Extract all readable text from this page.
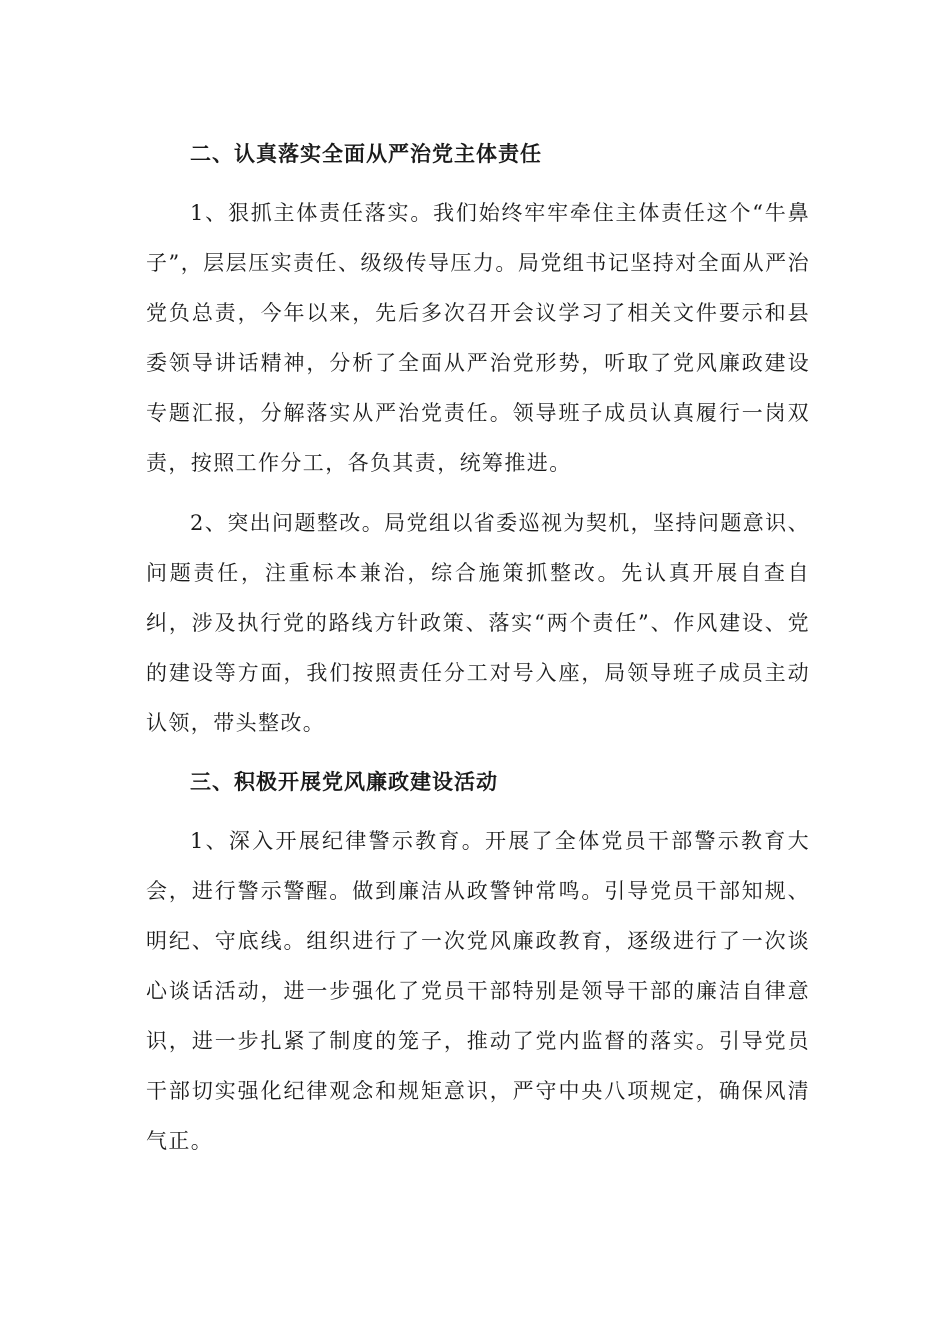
二、认真落实全面从严治党主体责任

1、狠抓主体责任落实。我们始终牢牢牵住主体责任这个“牛鼻子”，层层压实责任、级级传导压力。局党组书记坚持对全面从严治党负总责，今年以来，先后多次召开会议学习了相关文件要示和县委领导讲话精神，分析了全面从严治党形势，听取了党风廉政建设专题汇报，分解落实从严治党责任。领导班子成员认真履行一岗双责，按照工作分工，各负其责，统筹推进。

2、突出问题整改。局党组以省委巡视为契机，坚持问题意识、问题责任，注重标本兼治，综合施策抓整改。先认真开展自查自纠，涉及执行党的路线方针政策、落实“两个责任”、作风建设、党的建设等方面，我们按照责任分工对号入座，局领导班子成员主动认领，带头整改。

三、积极开展党风廉政建设活动

1、深入开展纪律警示教育。开展了全体党员干部警示教育大会，进行警示警醒。做到廉洁从政警钟常鸣。引导党员干部知规、明纪、守底线。组织进行了一次党风廉政教育，逐级进行了一次谈心谈话活动，进一步强化了党员干部特别是领导干部的廉洁自律意识，进一步扎紧了制度的笼子，推动了党内监督的落实。引导党员干部切实强化纪律观念和规矩意识，严守中央八项规定，确保风清气正。
